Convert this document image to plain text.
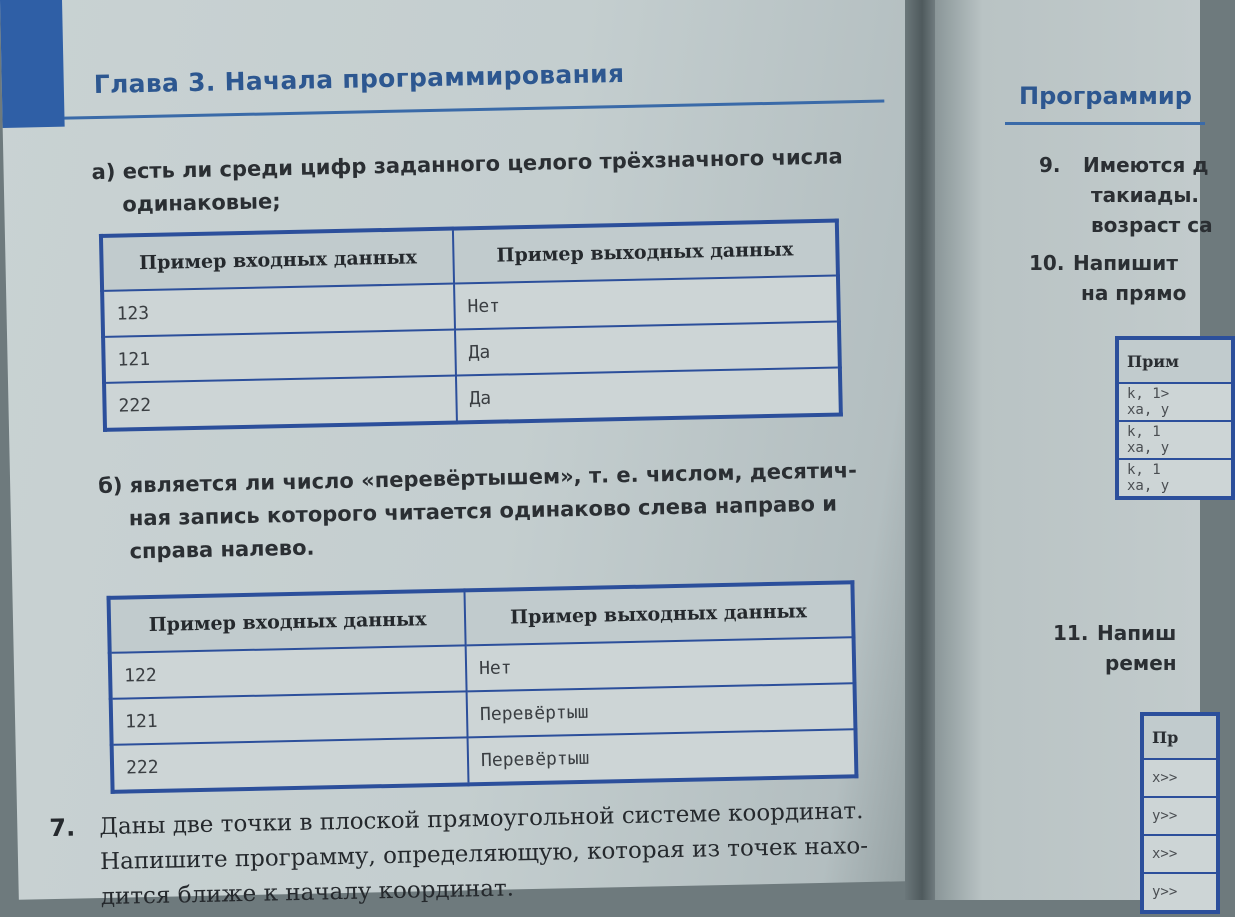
Глава 3. Начала программирования
а) есть ли среди цифр заданного целого трёхзначного числа
одинаковые;
Пример входных данных	Пример выходных данных
123	Нет
121	Да
222	Да
б) является ли число «перевёртышем», т. е. числом, десятич-
ная запись которого читается одинаково слева направо и
справа налево.
Пример входных данных	Пример выходных данных
122	Нет
121	Перевёртыш
222	Перевёртыш
7. Даны две точки в плоской прямоугольной системе координат.
Напишите программу, определяющую, которая из точек нахо-
дится ближе к началу координат.
Программир
9. Имеются д
такиады.
возраст са
10. Напишит
на прямо
Прим
k, 1>
xa, y
k, 1
xa, y
k, 1
xa, y
11. Напиш
ремен
Пр
x>>
y>>
x>>
y>>
